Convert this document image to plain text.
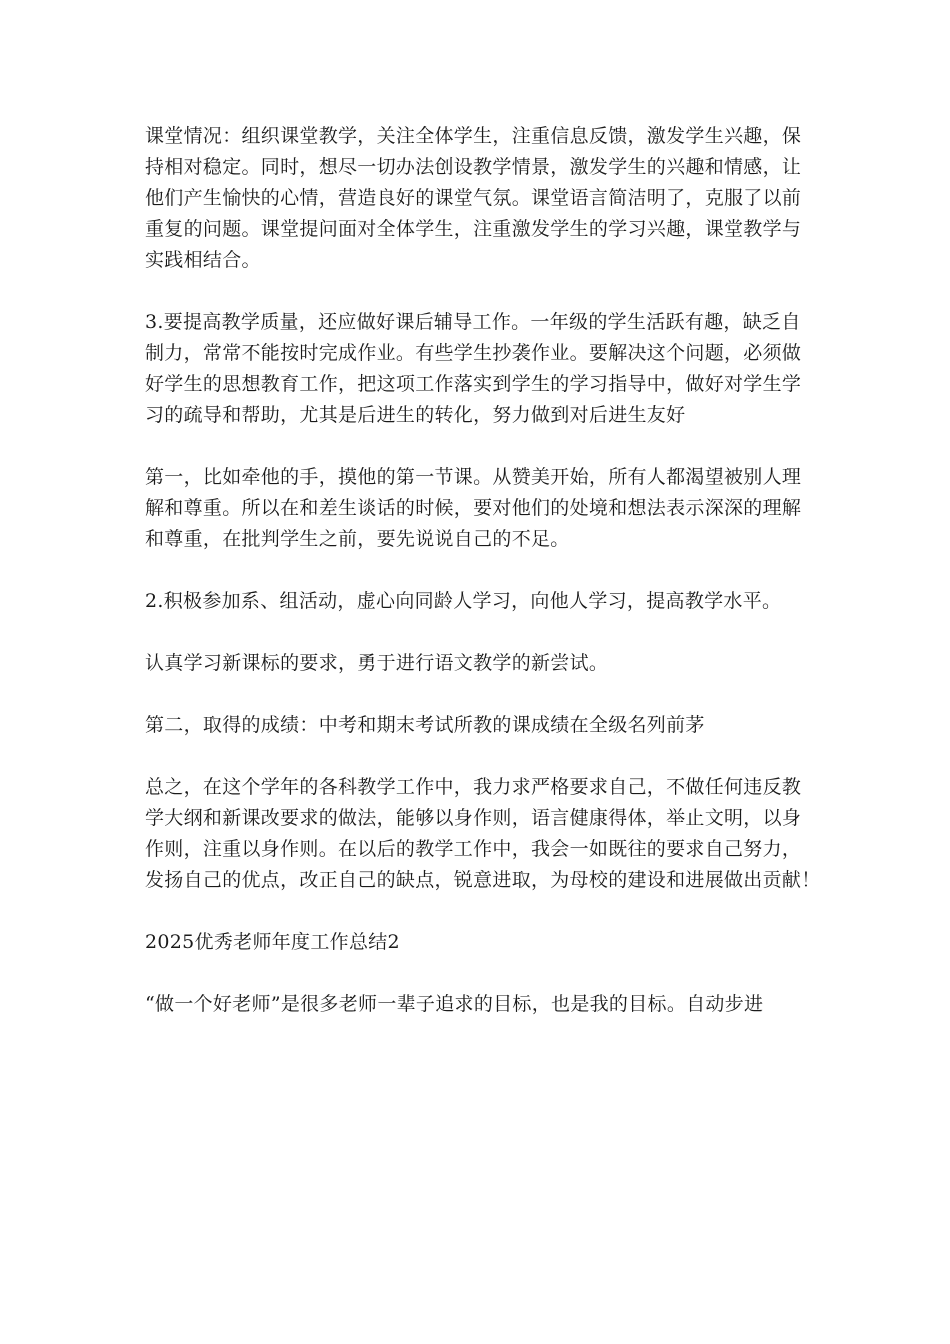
课堂情况：组织课堂教学，关注全体学生，注重信息反馈，激发学生兴趣，保
持相对稳定。同时，想尽一切办法创设教学情景，激发学生的兴趣和情感，让
他们产生愉快的心情，营造良好的课堂气氛。课堂语言简洁明了，克服了以前
重复的问题。课堂提问面对全体学生，注重激发学生的学习兴趣，课堂教学与
实践相结合。

3.要提高教学质量，还应做好课后辅导工作。一年级的学生活跃有趣，缺乏自
制力，常常不能按时完成作业。有些学生抄袭作业。要解决这个问题，必须做
好学生的思想教育工作，把这项工作落实到学生的学习指导中，做好对学生学
习的疏导和帮助，尤其是后进生的转化，努力做到对后进生友好

第一，比如牵他的手，摸他的第一节课。从赞美开始，所有人都渴望被别人理
解和尊重。所以在和差生谈话的时候，要对他们的处境和想法表示深深的理解
和尊重，在批判学生之前，要先说说自己的不足。

2.积极参加系、组活动，虚心向同龄人学习，向他人学习，提高教学水平。

认真学习新课标的要求，勇于进行语文教学的新尝试。

第二，取得的成绩：中考和期末考试所教的课成绩在全级名列前茅

总之，在这个学年的各科教学工作中，我力求严格要求自己，不做任何违反教
学大纲和新课改要求的做法，能够以身作则，语言健康得体，举止文明，以身
作则，注重以身作则。在以后的教学工作中，我会一如既往的要求自己努力，
发扬自己的优点，改正自己的缺点，锐意进取，为母校的建设和进展做出贡献！

2025优秀老师年度工作总结2

“做一个好老师”是很多老师一辈子追求的目标，也是我的目标。自动步进
